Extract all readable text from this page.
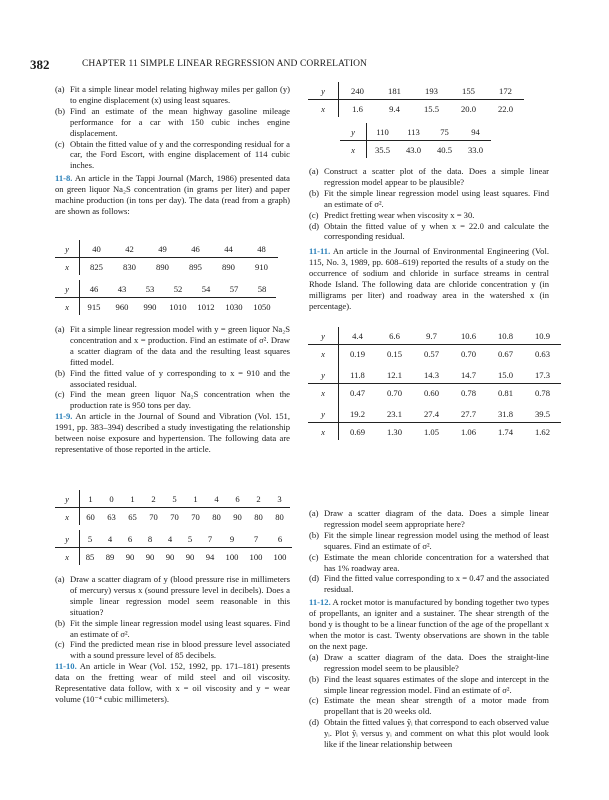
382	CHAPTER 11 SIMPLE LINEAR REGRESSION AND CORRELATION
(a) Fit a simple linear model relating highway miles per gallon (y) to engine displacement (x) using least squares.

(b) Find an estimate of the mean highway gasoline mileage performance for a car with 150 cubic inches engine displacement.

(c) Obtain the fitted value of y and the corresponding residual for a car, the Ford Escort, with engine displacement of 114 cubic inches.

11-8. An article in the Tappi Journal (March, 1986) presented data on green liquor Na₂S concentration (in grams per liter) and paper machine production (in tons per day). The data (read from a graph) are shown as follows:

y	40	42	49	46	44	48
x	825	830	890	895	890	910
y	46	43	53	52	54	57	58
x	915	960	990	1010	1012	1030	1050
(a) Fit a simple linear regression model with y = green liquor Na₂S concentration and x = production. Find an estimate of σ². Draw a scatter diagram of the data and the resulting least squares fitted model.

(b) Find the fitted value of y corresponding to x = 910 and the associated residual.

(c) Find the mean green liquor Na₂S concentration when the production rate is 950 tons per day.

11-9. An article in the Journal of Sound and Vibration (Vol. 151, 1991, pp. 383–394) described a study investigating the relationship between noise exposure and hypertension. The following data are representative of those reported in the article.

y	1	0	1	2	5	1	4	6	2	3
x	60	63	65	70	70	70	80	90	80	80
y	5	4	6	8	4	5	7	9	7	6
x	85	89	90	90	90	90	94	100	100	100
(a) Draw a scatter diagram of y (blood pressure rise in millimeters of mercury) versus x (sound pressure level in decibels). Does a simple linear regression model seem reasonable in this situation?

(b) Fit the simple linear regression model using least squares. Find an estimate of σ².

(c) Find the predicted mean rise in blood pressure level associated with a sound pressure level of 85 decibels.

11-10. An article in Wear (Vol. 152, 1992, pp. 171–181) presents data on the fretting wear of mild steel and oil viscosity. Representative data follow, with x = oil viscosity and y = wear volume (10⁻⁴ cubic millimeters).

y	240	181	193	155	172
x	1.6	9.4	15.5	20.0	22.0
y	110	113	75	94
x	35.5	43.0	40.5	33.0
(a) Construct a scatter plot of the data. Does a simple linear regression model appear to be plausible?

(b) Fit the simple linear regression model using least squares. Find an estimate of σ².

(c) Predict fretting wear when viscosity x = 30.

(d) Obtain the fitted value of y when x = 22.0 and calculate the corresponding residual.

11-11. An article in the Journal of Environmental Engineering (Vol. 115, No. 3, 1989, pp. 608–619) reported the results of a study on the occurrence of sodium and chloride in surface streams in central Rhode Island. The following data are chloride concentration y (in milligrams per liter) and roadway area in the watershed x (in percentage).

y	4.4	6.6	9.7	10.6	10.8	10.9
x	0.19	0.15	0.57	0.70	0.67	0.63

y	11.8	12.1	14.3	14.7	15.0	17.3
x	0.47	0.70	0.60	0.78	0.81	0.78

y	19.2	23.1	27.4	27.7	31.8	39.5
x	0.69	1.30	1.05	1.06	1.74	1.62
(a) Draw a scatter diagram of the data. Does a simple linear regression model seem appropriate here?

(b) Fit the simple linear regression model using the method of least squares. Find an estimate of σ².

(c) Estimate the mean chloride concentration for a watershed that has 1% roadway area.

(d) Find the fitted value corresponding to x = 0.47 and the associated residual.

11-12. A rocket motor is manufactured by bonding together two types of propellants, an igniter and a sustainer. The shear strength of the bond y is thought to be a linear function of the age of the propellant x when the motor is cast. Twenty observations are shown in the table on the next page.

(a) Draw a scatter diagram of the data. Does the straight-line regression model seem to be plausible?

(b) Find the least squares estimates of the slope and intercept in the simple linear regression model. Find an estimate of σ².

(c) Estimate the mean shear strength of a motor made from propellant that is 20 weeks old.

(d) Obtain the fitted values ŷᵢ that correspond to each observed value yᵢ. Plot ŷᵢ versus yᵢ and comment on what this plot would look like if the linear relationship between
